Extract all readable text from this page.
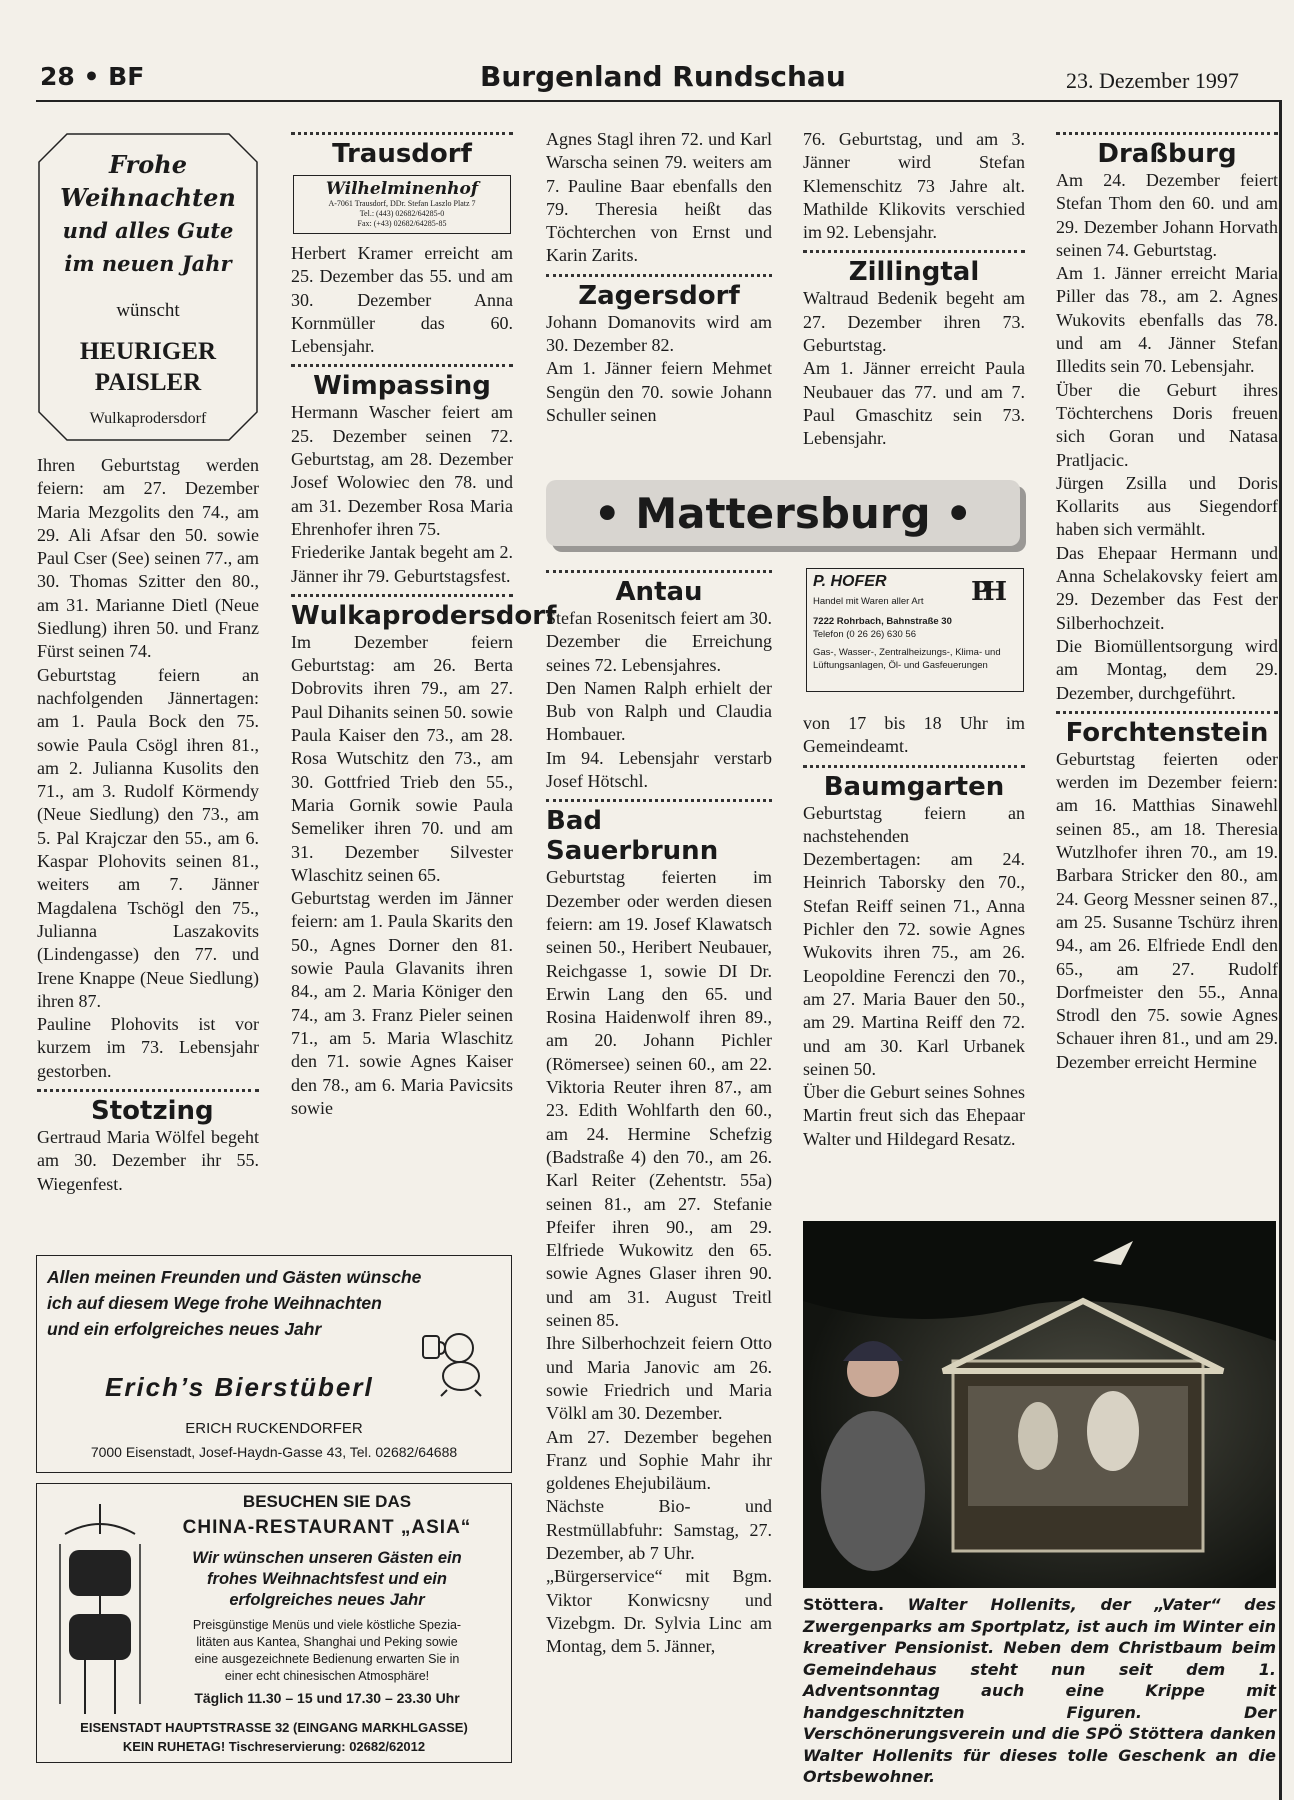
28 • BF	Burgenland Rundschau	23. Dezember 1997
Frohe
Weihnachten
und alles Gute
im neuen Jahr
wünscht
HEURIGER
PAISLER
Wulkaprodersdorf

Ihren Geburtstag werden feiern: am 27. Dezember Maria Mezgolits den 74., am 29. Ali Afsar den 50. sowie Paul Cser (See) seinen 77., am 30. Thomas Szitter den 80., am 31. Marianne Dietl (Neue Siedlung) ihren 50. und Franz Fürst seinen 74.

Geburtstag feiern an nachfolgenden Jännertagen: am 1. Paula Bock den 75. sowie Paula Csögl ihren 81., am 2. Julianna Kusolits den 71., am 3. Rudolf Körmendy (Neue Siedlung) den 73., am 5. Pal Krajczar den 55., am 6. Kaspar Plohovits seinen 81., weiters am 7. Jänner Magdalena Tschögl den 75., Julianna Laszakovits (Lindengasse) den 77. und Irene Knappe (Neue Siedlung) ihren 87.

Pauline Plohovits ist vor kurzem im 73. Lebensjahr gestorben.

Stotzing

Gertraud Maria Wölfel begeht am 30. Dezember ihr 55. Wiegenfest.

Trausdorf
Wilhelminenhof
A-7061 Trausdorf, DDr. Stefan Laszlo Platz 7
Tel.: (443) 02682/64285-0
Fax: (+43) 02682/64285-85

Herbert Kramer erreicht am 25. Dezember das 55. und am 30. Dezember Anna Kornmüller das 60. Lebensjahr.

Wimpassing

Hermann Wascher feiert am 25. Dezember seinen 72. Geburtstag, am 28. Dezember Josef Wolowiec den 78. und am 31. Dezember Rosa Maria Ehrenhofer ihren 75.

Friederike Jantak begeht am 2. Jänner ihr 79. Geburtstagsfest.

Wulkaprodersdorf

Im Dezember feiern Geburtstag: am 26. Berta Dobrovits ihren 79., am 27. Paul Dihanits seinen 50. sowie Paula Kaiser den 73., am 28. Rosa Wutschitz den 73., am 30. Gottfried Trieb den 55., Maria Gornik sowie Paula Semeliker ihren 70. und am 31. Dezember Silvester Wlaschitz seinen 65.

Geburtstag werden im Jänner feiern: am 1. Paula Skarits den 50., Agnes Dorner den 81. sowie Paula Glavanits ihren 84., am 2. Maria Königer den 74., am 3. Franz Pieler seinen 71., am 5. Maria Wlaschitz den 71. sowie Agnes Kaiser den 78., am 6. Maria Pavicsits sowie

Agnes Stagl ihren 72. und Karl Warscha seinen 79. weiters am 7. Pauline Baar ebenfalls den 79. Theresia heißt das Töchterchen von Ernst und Karin Zarits.

Zagersdorf

Johann Domanovits wird am 30. Dezember 82.

Am 1. Jänner feiern Mehmet Sengün den 70. sowie Johann Schuller seinen

76. Geburtstag, und am 3. Jänner wird Stefan Klemenschitz 73 Jahre alt. Mathilde Klikovits verschied im 92. Lebensjahr.

Zillingtal

Waltraud Bedenik begeht am 27. Dezember ihren 73. Geburtstag.

Am 1. Jänner erreicht Paula Neubauer das 77. und am 7. Paul Gmaschitz sein 73. Lebensjahr.

Draßburg

Am 24. Dezember feiert Stefan Thom den 60. und am 29. Dezember Johann Horvath seinen 74. Geburtstag.

Am 1. Jänner erreicht Maria Piller das 78., am 2. Agnes Wukovits ebenfalls das 78. und am 4. Jänner Stefan Illedits sein 70. Lebensjahr.

Über die Geburt ihres Töchterchens Doris freuen sich Goran und Natasa Pratljacic.

Jürgen Zsilla und Doris Kollarits aus Siegendorf haben sich vermählt.

Das Ehepaar Hermann und Anna Schelakovsky feiert am 29. Dezember das Fest der Silberhochzeit.

Die Biomüllentsorgung wird am Montag, dem 29. Dezember, durchgeführt.

Forchtenstein

Geburtstag feierten oder werden im Dezember feiern: am 16. Matthias Sinawehl seinen 85., am 18. Theresia Wutzlhofer ihren 70., am 19. Barbara Stricker den 80., am 24. Georg Messner seinen 87., am 25. Susanne Tschürz ihren 94., am 26. Elfriede Endl den 65., am 27. Rudolf Dorfmeister den 55., Anna Strodl den 75. sowie Agnes Schauer ihren 81., und am 29. Dezember erreicht Hermine

• Mattersburg •
Antau

Stefan Rosenitsch feiert am 30. Dezember die Erreichung seines 72. Lebensjahres.

Den Namen Ralph erhielt der Bub von Ralph und Claudia Hombauer.

Im 94. Lebensjahr verstarb Josef Hötschl.

Bad Sauerbrunn

Geburtstag feierten im Dezember oder werden diesen feiern: am 19. Josef Klawatsch seinen 50., Heribert Neubauer, Reichgasse 1, sowie DI Dr. Erwin Lang den 65. und Rosina Haidenwolf ihren 89., am 20. Johann Pichler (Römersee) seinen 60., am 22. Viktoria Reuter ihren 87., am 23. Edith Wohlfarth den 60., am 24. Hermine Schefzig (Badstraße 4) den 70., am 26. Karl Reiter (Zehentstr. 55a) seinen 81., am 27. Stefanie Pfeifer ihren 90., am 29. Elfriede Wukowitz den 65. sowie Agnes Glaser ihren 90. und am 31. August Treitl seinen 85.

Ihre Silberhochzeit feiern Otto und Maria Janovic am 26. sowie Friedrich und Maria Völkl am 30. Dezember.

Am 27. Dezember begehen Franz und Sophie Mahr ihr goldenes Ehejubiläum.

Nächste Bio- und Restmüllabfuhr: Samstag, 27. Dezember, ab 7 Uhr.

„Bürgerservice“ mit Bgm. Viktor Konwicsny und Vizebgm. Dr. Sylvia Linc am Montag, dem 5. Jänner,

P. HOFER	PH
Handel mit Waren aller Art
7222 Rohrbach, Bahnstraße 30
Telefon (0 26 26) 630 56
Gas-, Wasser-, Zentralheizungs-, Klima- und
Lüftungsanlagen, Öl- und Gasfeuerungen

von 17 bis 18 Uhr im Gemeindeamt.

Baumgarten

Geburtstag feiern an nachstehenden Dezembertagen: am 24. Heinrich Taborsky den 70., Stefan Reiff seinen 71., Anna Pichler den 72. sowie Agnes Wukovits ihren 75., am 26. Leopoldine Ferenczi den 70., am 27. Maria Bauer den 50., am 29. Martina Reiff den 72. und am 30. Karl Urbanek seinen 50.

Über die Geburt seines Sohnes Martin freut sich das Ehepaar Walter und Hildegard Resatz.

Allen meinen Freunden und Gästen wünsche
ich auf diesem Wege frohe Weihnachten
und ein erfolgreiches neues Jahr
Erich’s Bierstüberl
ERICH RUCKENDORFER
7000 Eisenstadt, Josef-Haydn-Gasse 43, Tel. 02682/64688
BESUCHEN SIE DAS
CHINA-RESTAURANT „ASIA“
Wir wünschen unseren Gästen ein
frohes Weihnachtsfest und ein
erfolgreiches neues Jahr
Preisgünstige Menüs und viele köstliche Spezia-
litäten aus Kantea, Shanghai und Peking sowie
eine ausgezeichnete Bedienung erwarten Sie in
einer echt chinesischen Atmosphäre!
Täglich 11.30 – 15 und 17.30 – 23.30 Uhr
EISENSTADT HAUPTSTRASSE 32 (EINGANG MARKHLGASSE)
KEIN RUHETAG! Tischreservierung: 02682/62012
Stöttera. Walter Hollenits, der „Vater“ des Zwergenparks am Sportplatz, ist auch im Winter ein kreativer Pensionist. Neben dem Christbaum beim Gemeindehaus steht nun seit dem 1. Adventsonntag auch eine Krippe mit handgeschnitzten Figuren. Der Verschönerungsverein und die SPÖ Stöttera danken Walter Hollenits für dieses tolle Geschenk an die Ortsbewohner.
